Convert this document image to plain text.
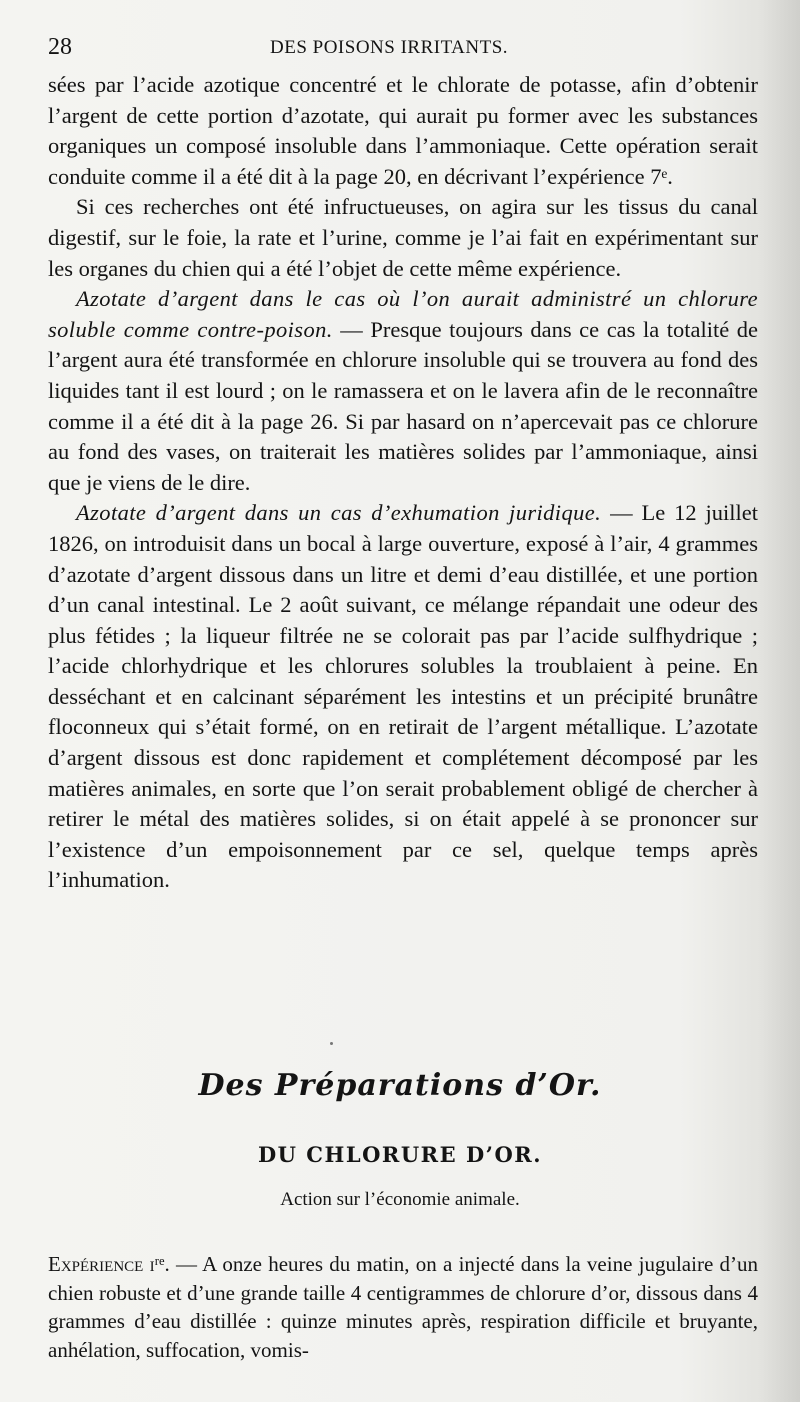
28	DES POISONS IRRITANTS.

sées par l’acide azotique concentré et le chlorate de potasse, afin d’obtenir l’argent de cette portion d’azotate, qui aurait pu former avec les substances organiques un composé insoluble dans l’ammoniaque. Cette opération serait conduite comme il a été dit à la page 20, en décrivant l’expérience 7ᵉ.

Si ces recherches ont été infructueuses, on agira sur les tissus du canal digestif, sur le foie, la rate et l’urine, comme je l’ai fait en expérimentant sur les organes du chien qui a été l’objet de cette même expérience.

Azotate d’argent dans le cas où l’on aurait administré un chlorure soluble comme contre-poison. — Presque toujours dans ce cas la totalité de l’argent aura été transformée en chlorure insoluble qui se trouvera au fond des liquides tant il est lourd ; on le ramassera et on le lavera afin de le reconnaître comme il a été dit à la page 26. Si par hasard on n’apercevait pas ce chlorure au fond des vases, on traiterait les matières solides par l’ammoniaque, ainsi que je viens de le dire.

Azotate d’argent dans un cas d’exhumation juridique. — Le 12 juillet 1826, on introduisit dans un bocal à large ouverture, exposé à l’air, 4 grammes d’azotate d’argent dissous dans un litre et demi d’eau distillée, et une portion d’un canal intestinal. Le 2 août suivant, ce mélange répandait une odeur des plus fétides ; la liqueur filtrée ne se colorait pas par l’acide sulfhydrique ; l’acide chlorhydrique et les chlorures solubles la troublaient à peine. En desséchant et en calcinant séparément les intestins et un précipité brunâtre floconneux qui s’était formé, on en retirait de l’argent métallique. L’azotate d’argent dissous est donc rapidement et complétement décomposé par les matières animales, en sorte que l’on serait probablement obligé de chercher à retirer le métal des matières solides, si on était appelé à se prononcer sur l’existence d’un empoisonnement par ce sel, quelque temps après l’inhumation.

Des Préparations d’Or.
DU CHLORURE D’OR.
Action sur l’économie animale.

Expérience iʳᵉ. — A onze heures du matin, on a injecté dans la veine jugulaire d’un chien robuste et d’une grande taille 4 centigrammes de chlorure d’or, dissous dans 4 grammes d’eau distillée : quinze minutes après, respiration difficile et bruyante, anhélation, suffocation, vomis-
